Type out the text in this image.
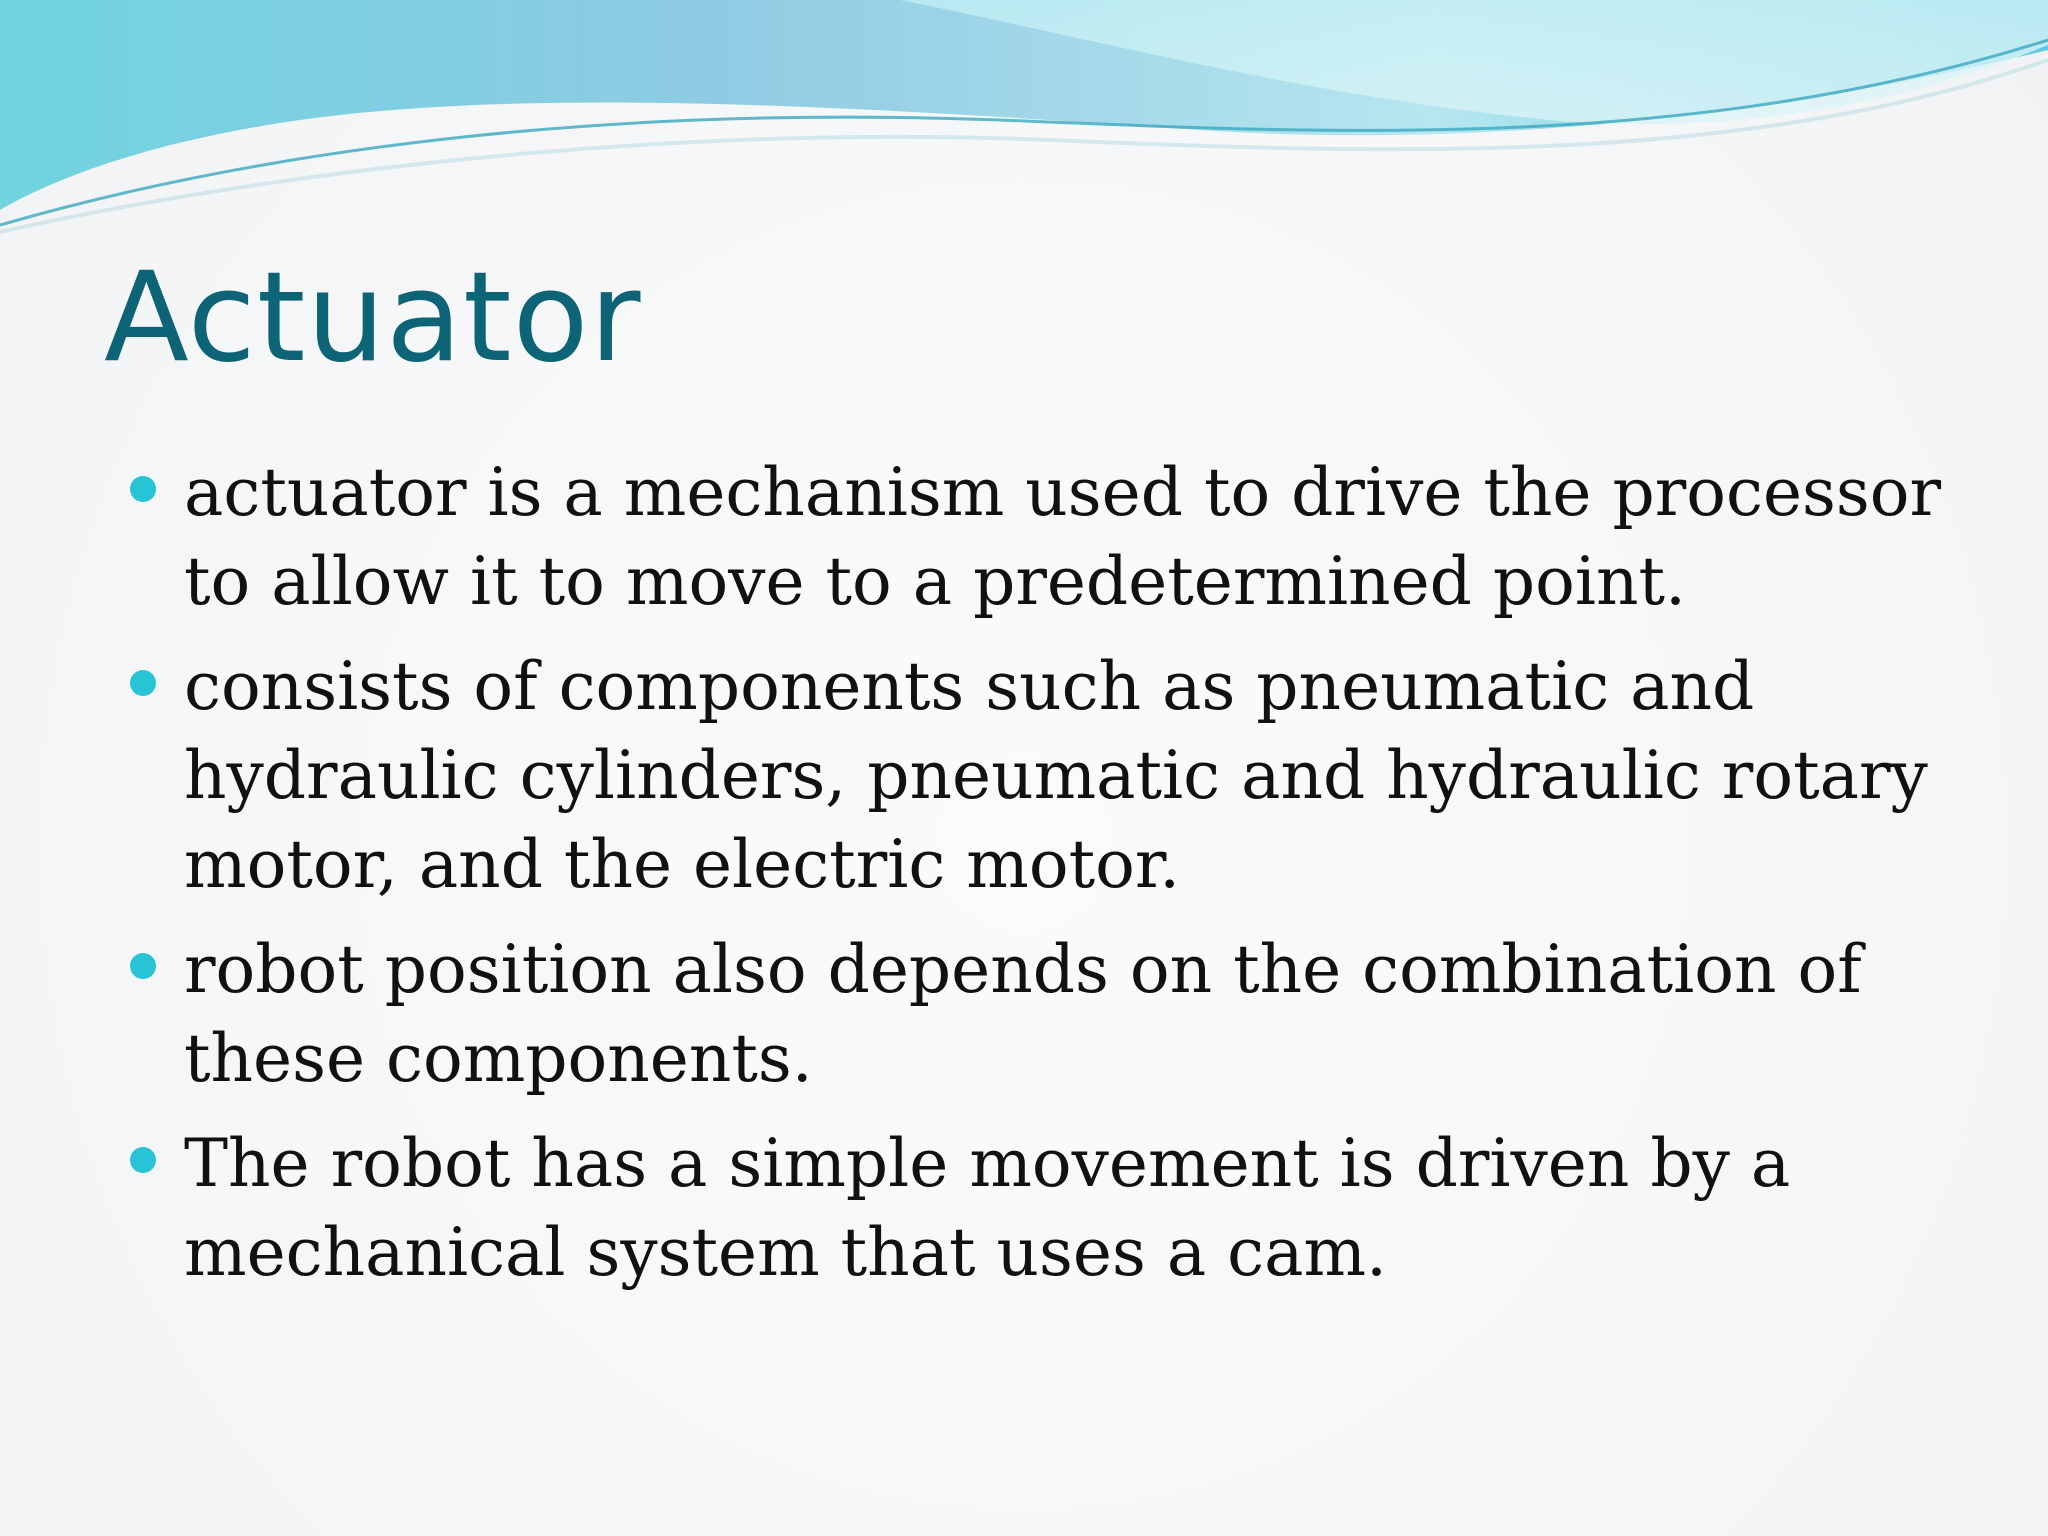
Actuator
actuator is a mechanism used to drive the processor to allow it to move to a predetermined point.
consists of components such as pneumatic and hydraulic cylinders, pneumatic and hydraulic rotary motor, and the electric motor.
robot position also depends on the combination of these components.
The robot has a simple movement is driven by a mechanical system that uses a cam.
